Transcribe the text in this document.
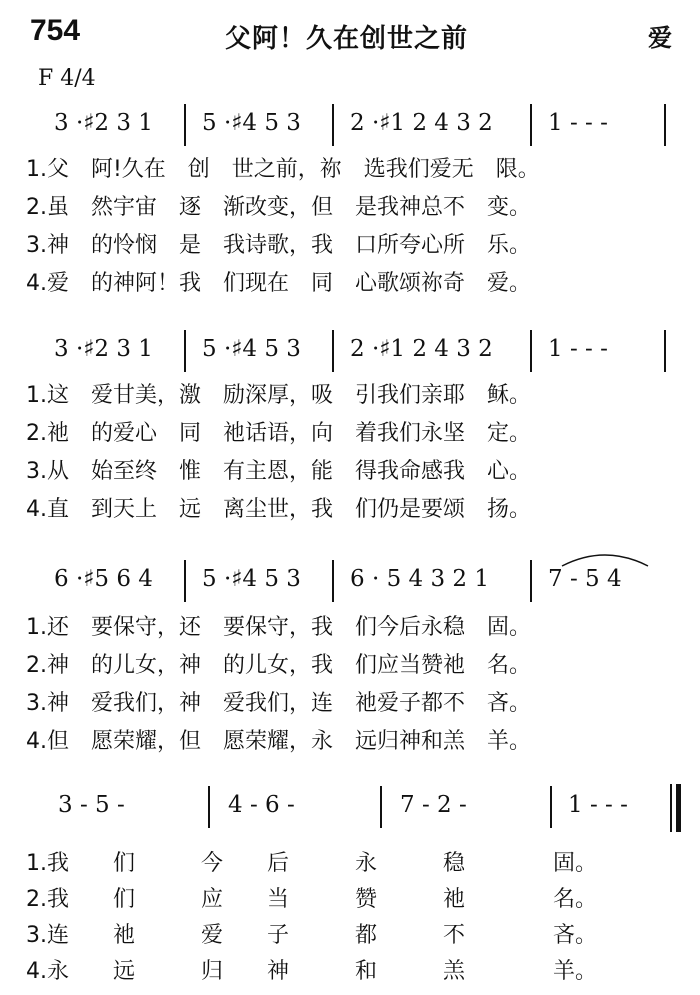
754	父阿！久在创世之前	爱
F 4/4
3 ·♯2 3 1 5 ·♯4 5 3 2 ·♯1 2 4 3 2 1 - - -
1.父　阿!久在　创　世之前，祢　选我们爱无　限。
2.虽　然宇宙　逐　渐改变，但　是我神总不　变。
3.神　的怜悯　是　我诗歌，我　口所夸心所　乐。
4.爱　的神阿！我　们现在　同　心歌颂祢奇　爱。
3 ·♯2 3 1 5 ·♯4 5 3 2 ·♯1 2 4 3 2 1 - - -
1.这　爱甘美，激　励深厚，吸　引我们亲耶　稣。
2.祂　的爱心　同　祂话语，向　着我们永坚　定。
3.从　始至终　惟　有主恩，能　得我命感我　心。
4.直　到天上　远　离尘世，我　们仍是要颂　扬。
6 ·♯5 6 4 5 ·♯4 5 3 6 · 5 4 3 2 1	7 - 5 4
1.还　要保守，还　要保守，我　们今后永稳　固。
2.神　的儿女，神　的儿女，我　们应当赞祂　名。
3.神　爱我们，神　爱我们，连　祂爱子都不　吝。
4.但　愿荣耀，但　愿荣耀，永　远归神和羔　羊。
3 - 5 -	4 - 6 -	7 - 2 -	1 - - -
1.我　　们　　　今　　后　　　永　　　稳　　　　固。
2.我　　们　　　应　　当　　　赞　　　祂　　　　名。
3.连　　祂　　　爱　　子　　　都　　　不　　　　吝。
4.永　　远　　　归　　神　　　和　　　羔　　　　羊。
